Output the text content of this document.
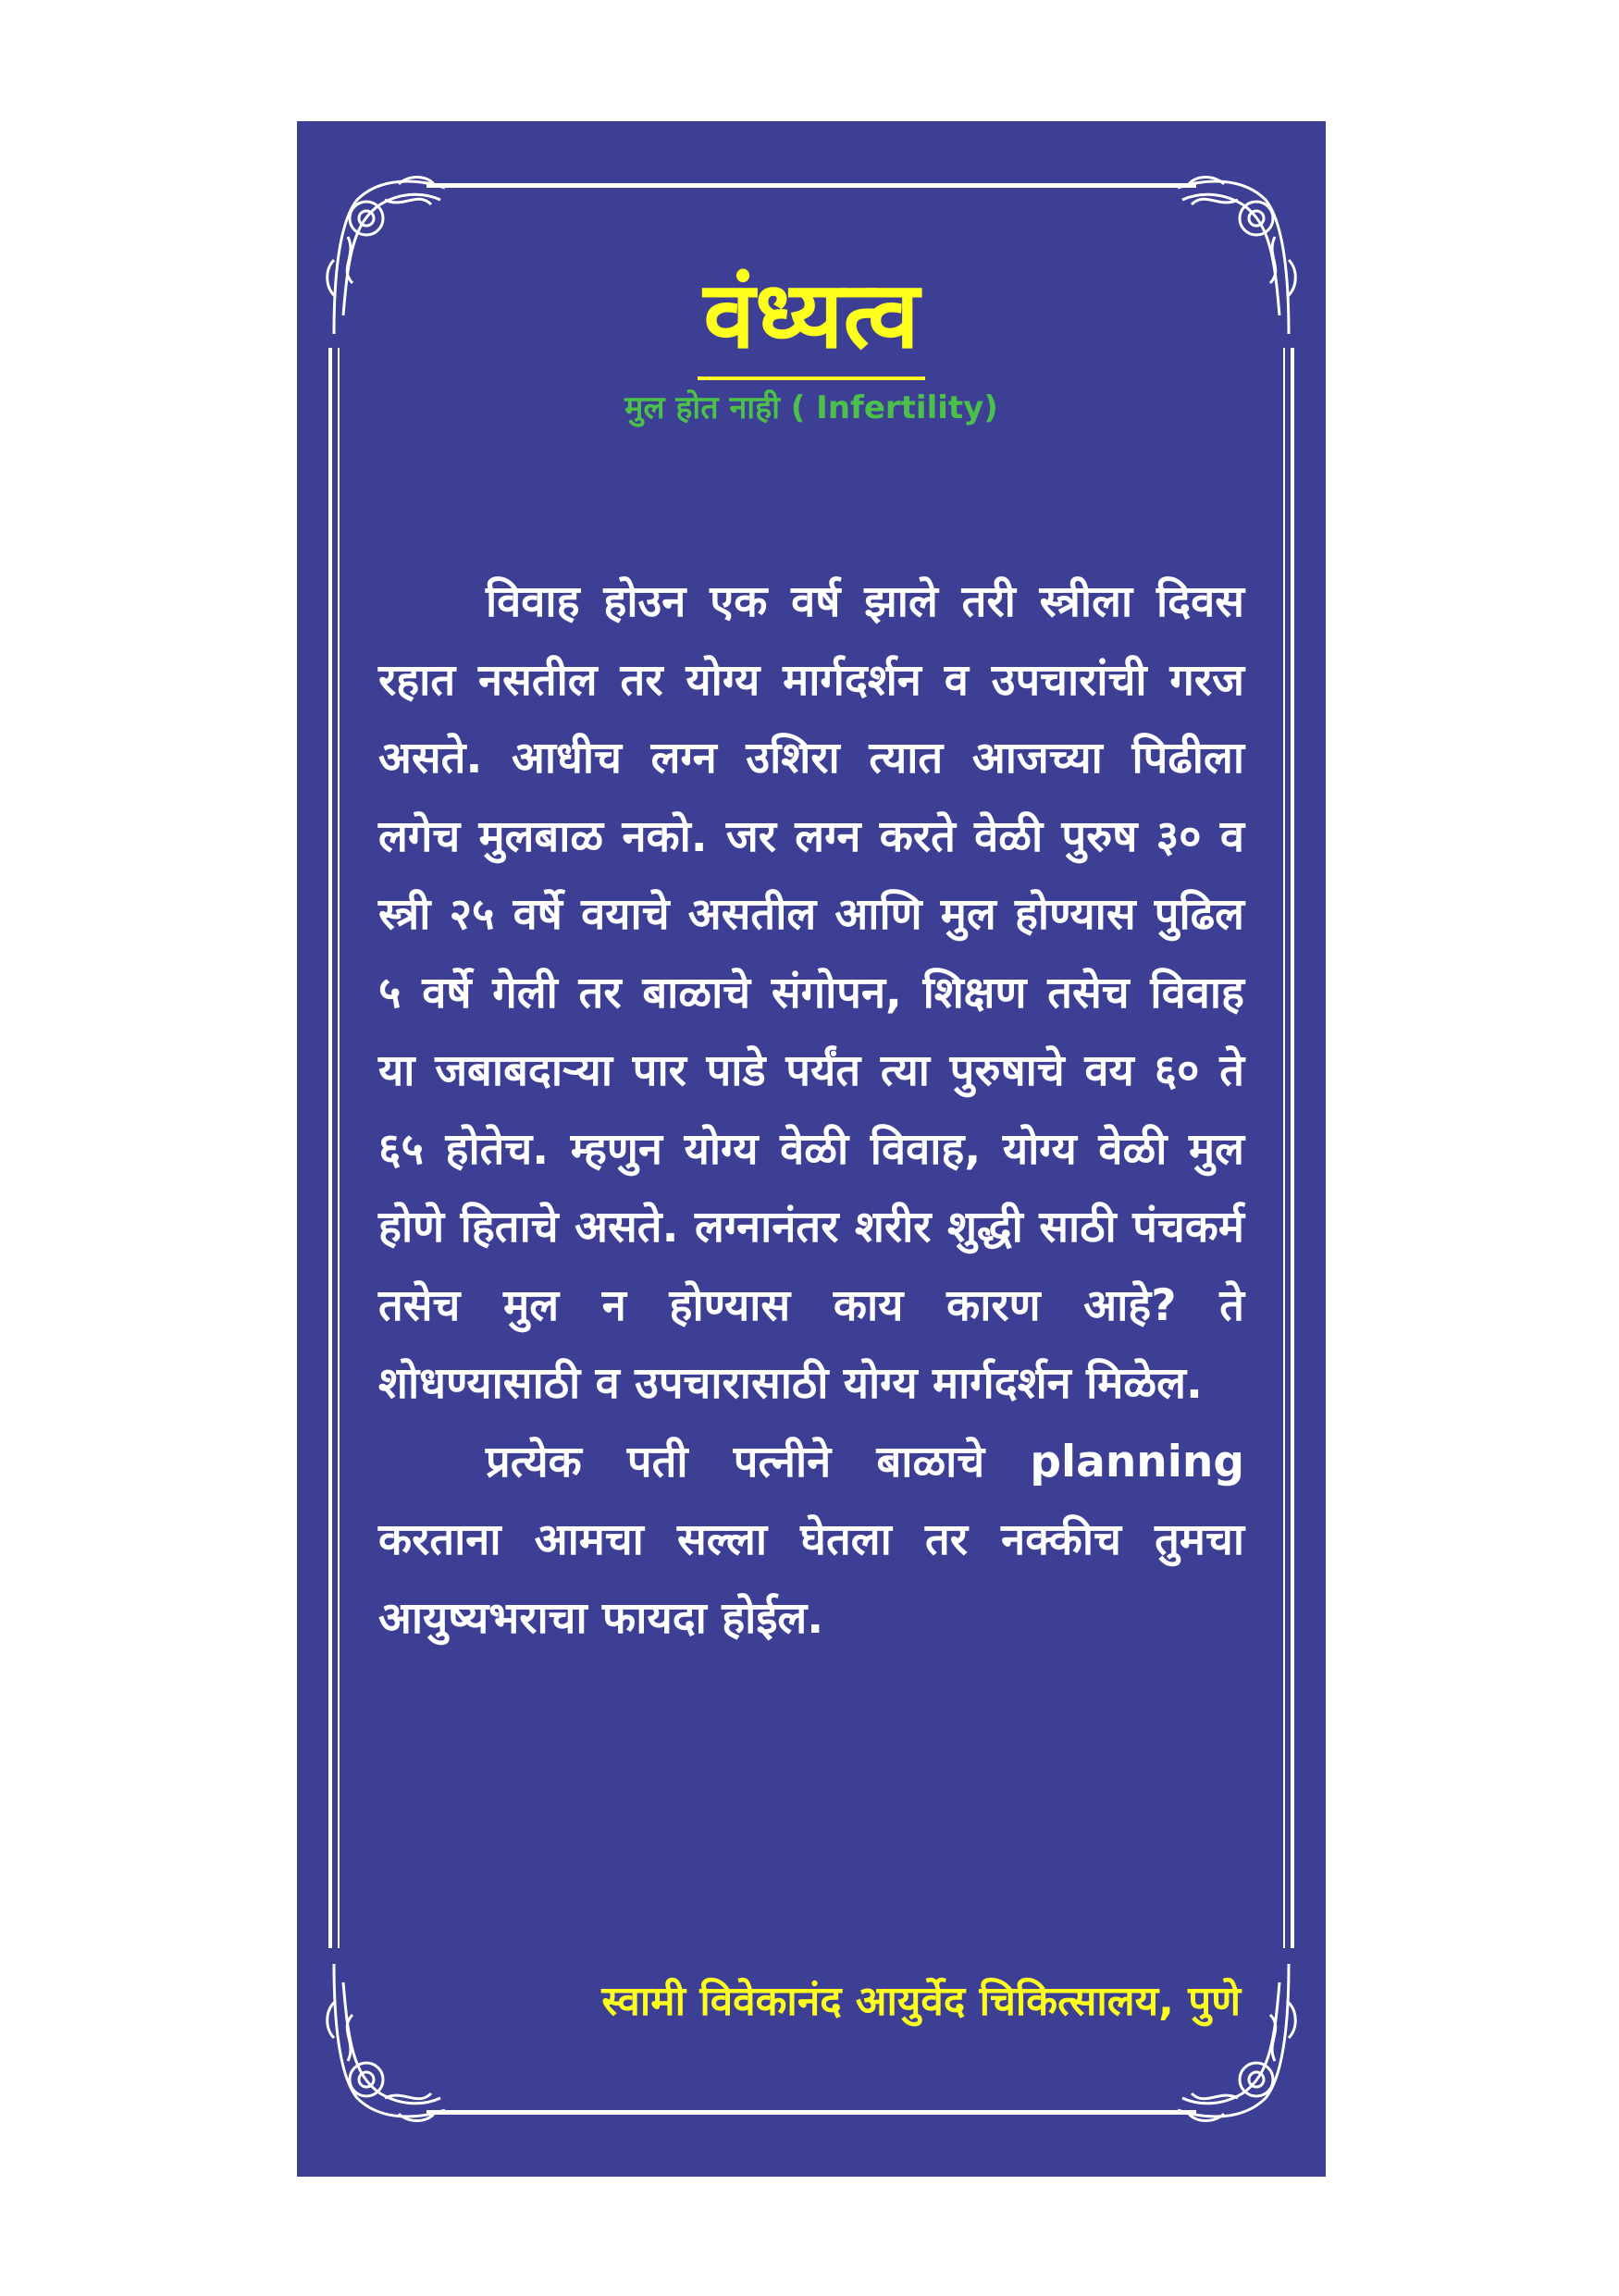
वंध्यत्व
मुल होत नाही ( Infertility)

विवाह होउन एक वर्ष झाले तरी स्त्रीला दिवस रहात नसतील तर योग्य मार्गदर्शन व उपचारांची गरज असते. आधीच लग्न उशिरा त्यात आजच्या पिढीला लगेच मुलबाळ नको. जर लग्न करते वेळी पुरुष ३० व स्त्री २५ वर्षे वयाचे असतील आणि मुल होण्यास पुढिल ५ वर्षे गेली तर बाळाचे संगोपन, शिक्षण तसेच विवाह या जबाबदाऱ्या पार पाडे पर्यंत त्या पुरुषाचे वय ६० ते ६५ होतेच. म्हणुन योग्य वेळी विवाह, योग्य वेळी मुल होणे हिताचे असते. लग्नानंतर शरीर शुद्धी साठी पंचकर्म तसेच मुल न होण्यास काय कारण आहे? ते शोधण्यासाठी व उपचारासाठी योग्य मार्गदर्शन मिळेल.

प्रत्येक पती पत्नीने बाळाचे planning करताना आमचा सल्ला घेतला तर नक्कीच तुमचा आयुष्यभराचा फायदा होईल.

स्वामी विवेकानंद आयुर्वेद चिकित्सालय, पुणे
